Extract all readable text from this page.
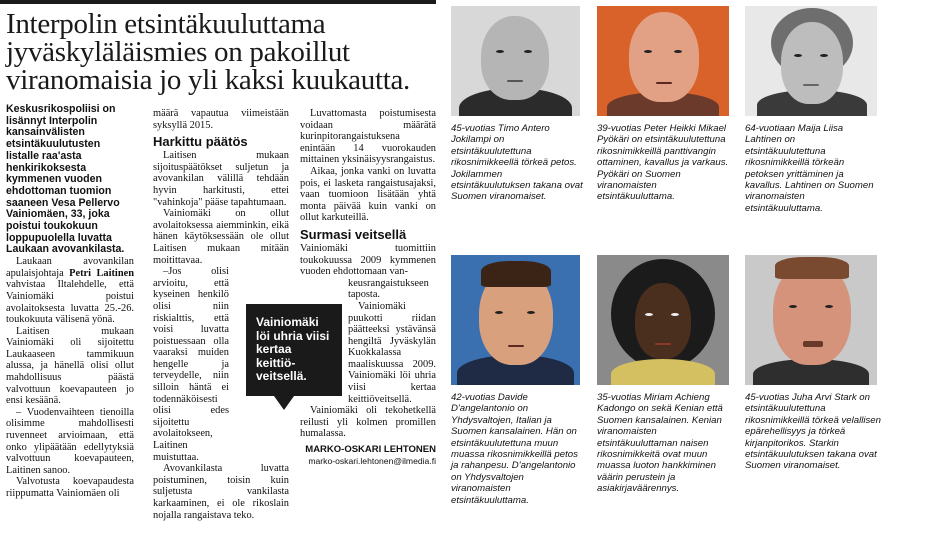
Interpolin etsintäkuuluttama jyväskyläläismies on pakoillut viranomaisia jo yli kaksi kuukautta.

Keskusrikospoliisi on lisännyt Interpolin kansainvälisten etsintäkuulutusten listalle raa'asta henkirikoksesta kymmenen vuoden ehdottoman tuomion saaneen Vesa Pellervo Vainiomäen, 33, joka poistui toukokuun loppupuolella luvatta Laukaan avovankilasta.

Laukaan avovankilan apulaisjohtaja Petri Laitinen vahvistaa Iltalehdelle, että Vainiomäki poistui avolaitoksesta luvatta 25.-26. toukokuuta välisenä yönä.

Laitisen mukaan Vainiomäki oli sijoitettu Laukaaseen tammikuun alussa, ja hänellä olisi ollut mahdollisuus päästä valvottuun koevapauteen jo ensi kesäänä.

– Vuodenvaihteen tienoilla olisimme mahdollisesti ruvenneet arvioimaan, että onko ylipäätään edellytyksiä valvottuun koevapauteen, Laitinen sanoo.

Valvotusta koevapaudesta riippumatta Vainiomäen oli

määrä vapautua viimeistään syksyllä 2015.

Harkittu päätös

Laitisen mukaan sijoituspäätökset suljetun ja avovankilan välillä tehdään hyvin harkitusti, ettei "vahinkoja" pääse tapahtumaan.

Vainiomäki on ollut avolaitoksessa aiemminkin, eikä hänen käytöksessään ole ollut Laitisen mukaan mitään moitittavaa.

–Jos olisi arvioitu, että kyseinen henkilö olisi niin riskialttis, että voisi luvatta poistuessaan olla vaaraksi muiden hengelle ja terveydelle, niin silloin häntä ei todennäköisesti olisi edes sijoitettu avolaitokseen, Laitinen muistuttaa.

Avovankilasta luvatta poistuminen, toisin kuin suljetusta vankilasta karkaaminen, ei ole rikoslain nojalla rangaistava teko.

Luvattomasta poistumisesta voidaan määrätä kurinpitorangaistuksena enintään 14 vuorokauden mittainen yksinäisyysrangaistus.

Aikaa, jonka vanki on luvatta pois, ei lasketa rangaistusajaksi, vaan tuomioon lisätään yhtä monta päivää kuin vanki on ollut karkuteillä.

Surmasi veitsellä

Vainiomäki tuomittiin toukokuussa 2009 kymmenen vuoden ehdottomaan van-

keusrangaistukseen taposta.

Vainiomäki puukotti riidan päätteeksi ystävänsä hengiltä Jyväskylän Kuokkalassa maaliskuussa 2009. Vainiomäki löi uhria viisi kertaa keittiöveitsellä.

Vainiomäki oli tekohetkellä reilusti yli kolmen promillen humalassa.

MARKO-OSKARI LEHTONEN
marko-oskari.lehtonen@ilmedia.fi
Vainiomäki löi uhria viisi kertaa keittiö-veitsellä.
45-vuotias Timo Antero Jokilampi on etsintäkuulutettuna rikosnimikkeellä törkeä petos. Jokilammen etsintäkuulutuksen takana ovat Suomen viranomaiset.
39-vuotias Peter Heikki Mikael Pyökäri on etsintäkuulutettuna rikosnimikkeillä panttivangin ottaminen, kavallus ja varkaus. Pyökäri on Suomen viranomaisten etsintäkuuluttama.
64-vuotiaan Maija Liisa Lahtinen on etsintäkuulutettuna rikosnimikkeillä törkeän petoksen yrittäminen ja kavallus. Lahtinen on Suomen viranomaisten etsintäkuuluttama.
42-vuotias Davide D'angelantonio on Yhdysvaltojen, Italian ja Suomen kansalainen. Hän on etsintäkuulutettuna muun muassa rikosnimikkeillä petos ja rahanpesu. D'angelantonio on Yhdysvaltojen viranomaisten etsintäkuuluttama.
35-vuotias Miriam Achieng Kadongo on sekä Kenian että Suomen kansalainen. Kenian viranomaisten etsintäkuuluttaman naisen rikosnimikkeitä ovat muun muassa luoton hankkiminen väärin perustein ja asiakirjaväärennys.
45-vuotias Juha Arvi Stark on etsintäkuulutettuna rikosnimikkeillä törkeä velallisen epärehellisyys ja törkeä kirjanpitorikos. Starkin etsintäkuulutuksen takana ovat Suomen viranomaiset.
